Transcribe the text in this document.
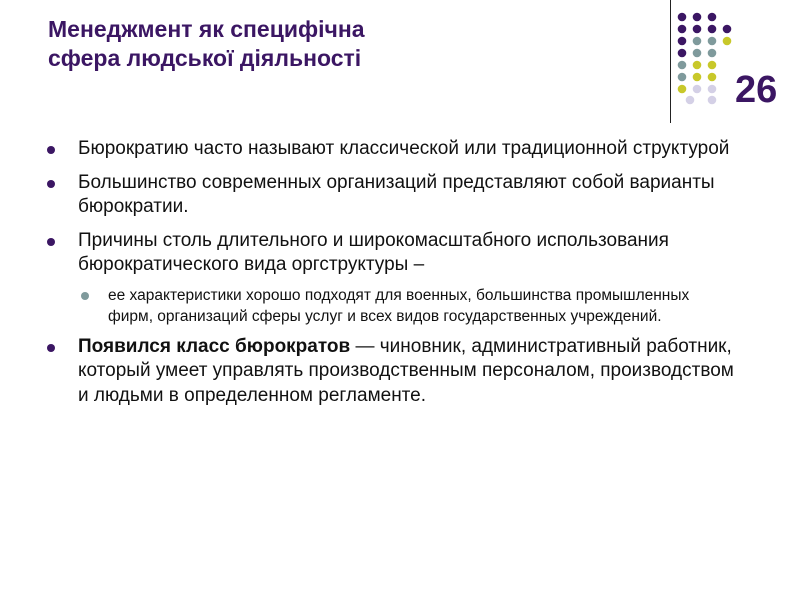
Менеджмент як специфічна
сфера людської діяльності
26
Бюрократию часто называют классической или традиционной структурой
Большинство современных организаций представляют собой варианты бюрократии.
Причины столь длительного и широкомасштабного использования бюрократического вида оргструктуры –
ее характеристики хорошо подходят для военных, большинства промышленных фирм, организаций сферы услуг и всех видов государственных учреждений.
Появился класс бюрократов — чиновник, административный работник, который умеет управлять производственным персоналом, производством и людьми в определенном регламенте.
